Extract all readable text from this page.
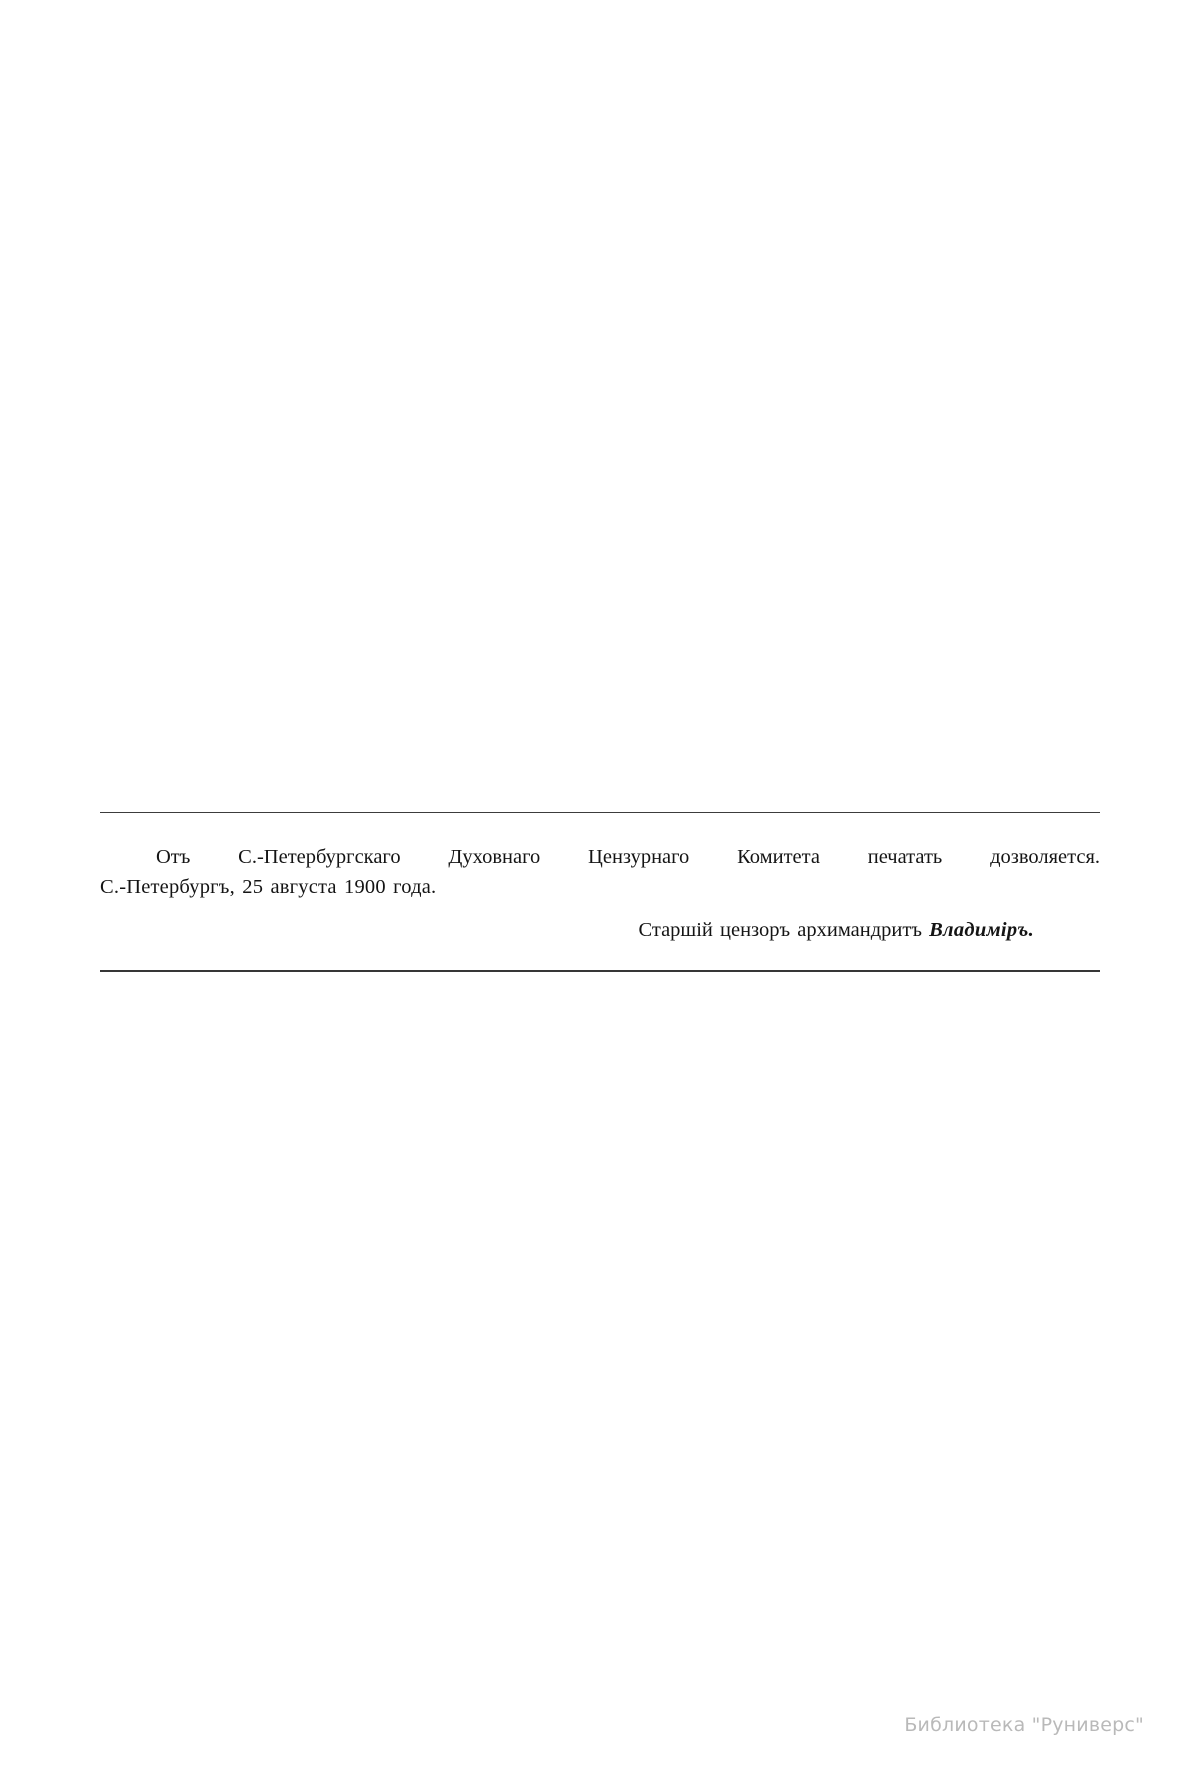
Отъ С.-Петербургскаго Духовнаго Цензурнаго Комитета печатать дозволяется.
С.-Петербургъ, 25 августа 1900 года.
Старшій цензоръ архимандритъ Владиміръ.
Библиотека "Руниверс"
